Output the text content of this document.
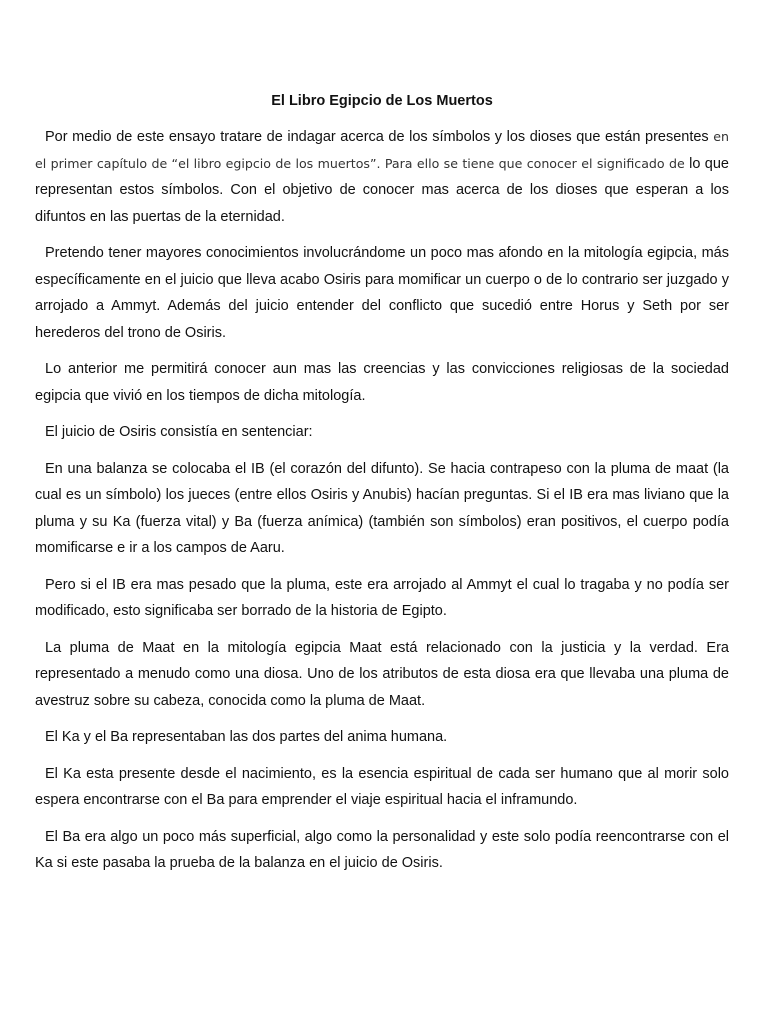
El Libro Egipcio de Los Muertos

Por medio de este ensayo tratare de indagar acerca de los símbolos y los dioses que están presentes en el primer capítulo de “el libro egipcio de los muertos”. Para ello se tiene que conocer el significado de lo que representan estos símbolos. Con el objetivo de conocer mas acerca de los dioses que esperan a los difuntos en las puertas de la eternidad.

Pretendo tener mayores conocimientos involucrándome un poco mas afondo en la mitología egipcia, más específicamente en el juicio que lleva acabo Osiris para momificar un cuerpo o de lo contrario ser juzgado y arrojado a Ammyt. Además del juicio entender del conflicto que sucedió entre Horus y Seth por ser herederos del trono de Osiris.

Lo anterior me permitirá conocer aun mas las creencias y las convicciones religiosas de la sociedad egipcia que vivió en los tiempos de dicha mitología.

El juicio de Osiris consistía en sentenciar:

En una balanza se colocaba el IB (el corazón del difunto). Se hacia contrapeso con la pluma de maat (la cual es un símbolo) los jueces (entre ellos Osiris y Anubis) hacían preguntas. Si el IB era mas liviano que la pluma y su Ka (fuerza vital) y Ba (fuerza anímica) (también son símbolos) eran positivos, el cuerpo podía momificarse e ir a los campos de Aaru.

Pero si el IB era mas pesado que la pluma, este era arrojado al Ammyt el cual lo tragaba y no podía ser modificado, esto significaba ser borrado de la historia de Egipto.

La pluma de Maat en la mitología egipcia Maat está relacionado con la justicia y la verdad. Era representado a menudo como una diosa. Uno de los atributos de esta diosa era que llevaba una pluma de avestruz sobre su cabeza, conocida como la pluma de Maat.

El Ka y el Ba representaban las dos partes del anima humana.

El Ka esta presente desde el nacimiento, es la esencia espiritual de cada ser humano que al morir solo espera encontrarse con el Ba para emprender el viaje espiritual hacia el inframundo.

El Ba era algo un poco más superficial, algo como la personalidad y este solo podía reencontrarse con el Ka si este pasaba la prueba de la balanza en el juicio de Osiris.
